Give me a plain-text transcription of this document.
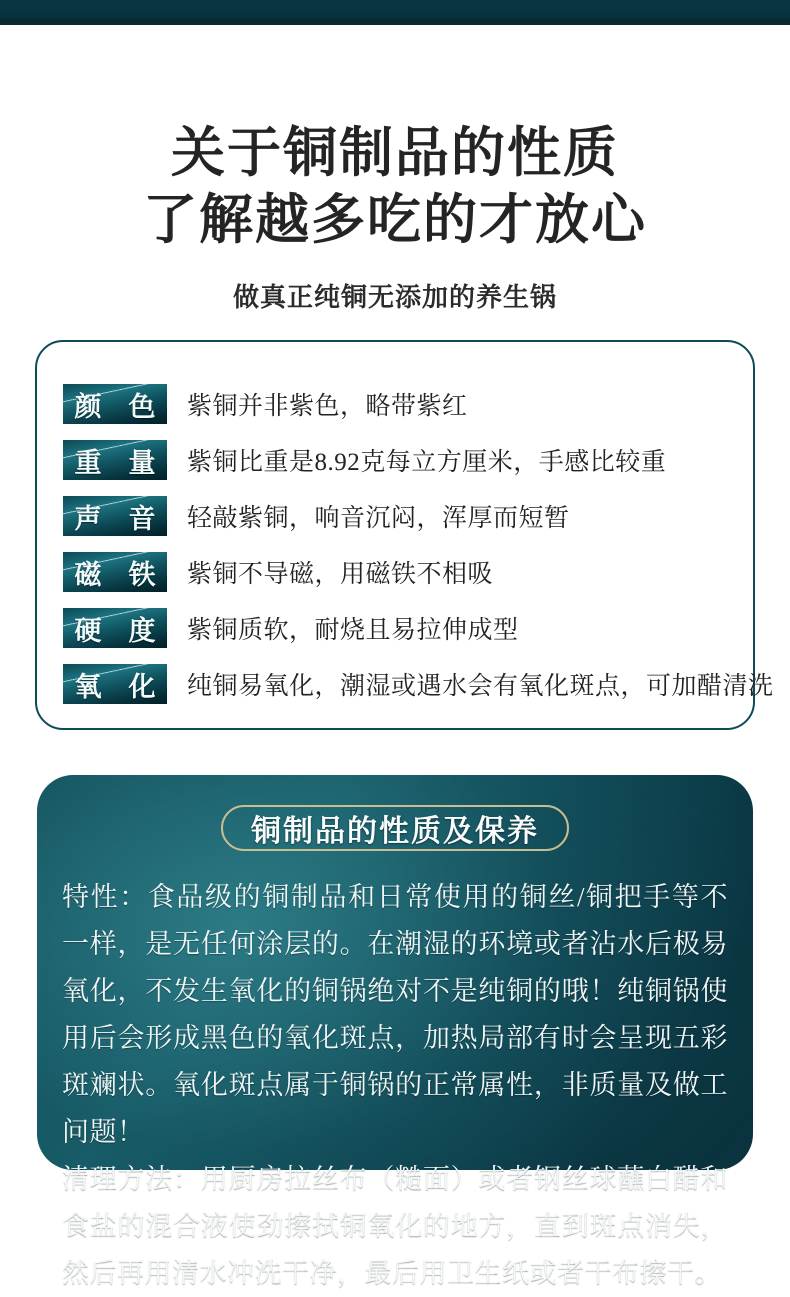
关于铜制品的性质
了解越多吃的才放心
做真正纯铜无添加的养生锅
颜　色	紫铜并非紫色，略带紫红
重　量	紫铜比重是8.92克每立方厘米，手感比较重
声　音	轻敲紫铜，响音沉闷，浑厚而短暂
磁　铁	紫铜不导磁，用磁铁不相吸
硬　度	紫铜质软，耐烧且易拉伸成型
氧　化	纯铜易氧化，潮湿或遇水会有氧化斑点，可加醋清洗
铜制品的性质及保养

特性：食品级的铜制品和日常使用的铜丝/铜把手等不一样，是无任何涂层的。在潮湿的环境或者沾水后极易氧化，不发生氧化的铜锅绝对不是纯铜的哦！纯铜锅使用后会形成黑色的氧化斑点，加热局部有时会呈现五彩斑斓状。氧化斑点属于铜锅的正常属性，非质量及做工问题！

清理方法：用厨房拉丝布（糙面）或者钢丝球蘸白醋和食盐的混合液使劲擦拭铜氧化的地方，直到斑点消失，然后再用清水冲洗干净，最后用卫生纸或者干布擦干。
